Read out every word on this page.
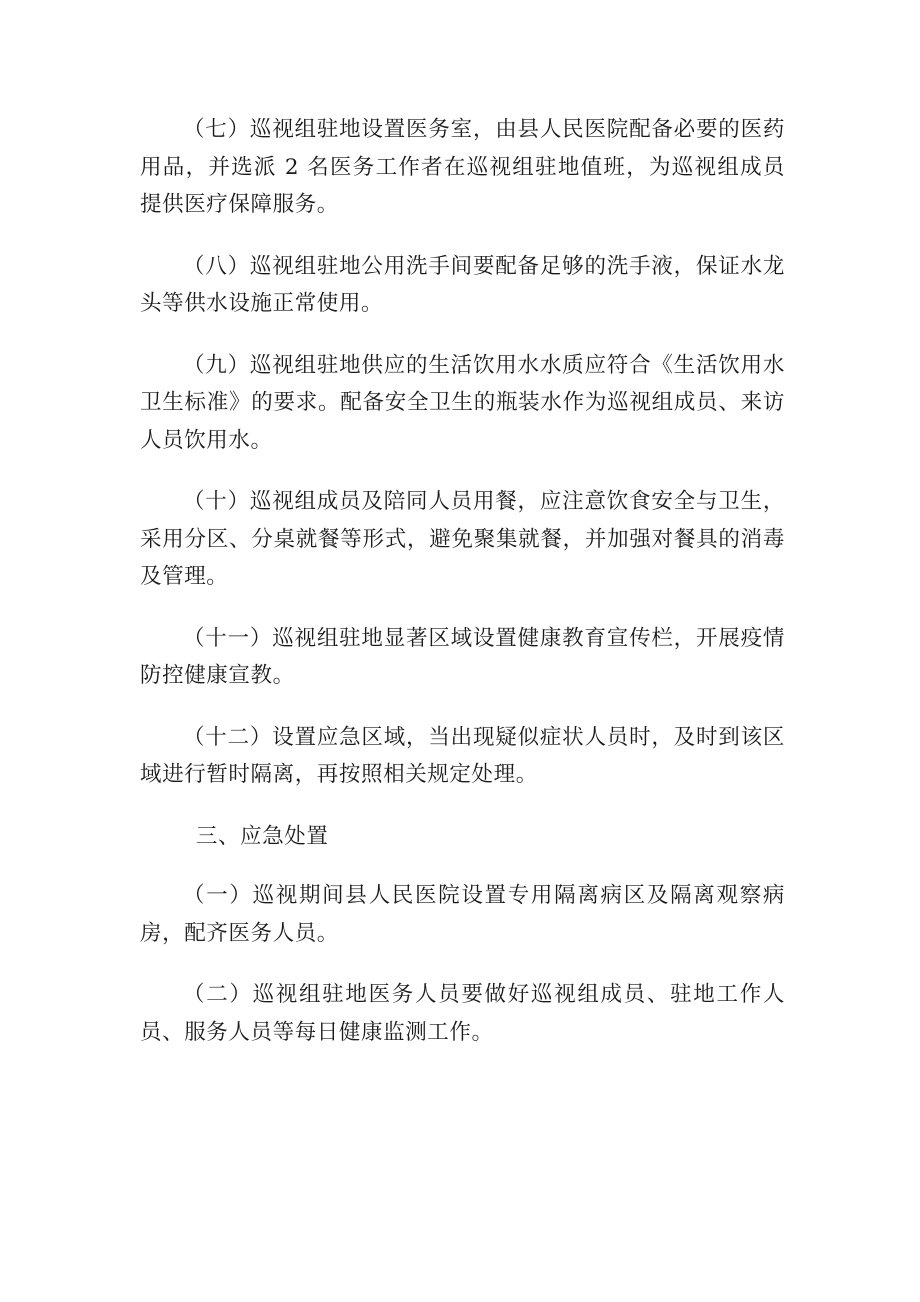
（七）巡视组驻地设置医务室，由县人民医院配备必要的医药用品，并选派 2 名医务工作者在巡视组驻地值班，为巡视组成员提供医疗保障服务。

（八）巡视组驻地公用洗手间要配备足够的洗手液，保证水龙头等供水设施正常使用。

（九）巡视组驻地供应的生活饮用水水质应符合《生活饮用水卫生标准》的要求。配备安全卫生的瓶装水作为巡视组成员、来访人员饮用水。

（十）巡视组成员及陪同人员用餐，应注意饮食安全与卫生，采用分区、分桌就餐等形式，避免聚集就餐，并加强对餐具的消毒及管理。

（十一）巡视组驻地显著区域设置健康教育宣传栏，开展疫情防控健康宣教。

（十二）设置应急区域，当出现疑似症状人员时，及时到该区域进行暂时隔离，再按照相关规定处理。

三、应急处置

（一）巡视期间县人民医院设置专用隔离病区及隔离观察病房，配齐医务人员。

（二）巡视组驻地医务人员要做好巡视组成员、驻地工作人员、服务人员等每日健康监测工作。
